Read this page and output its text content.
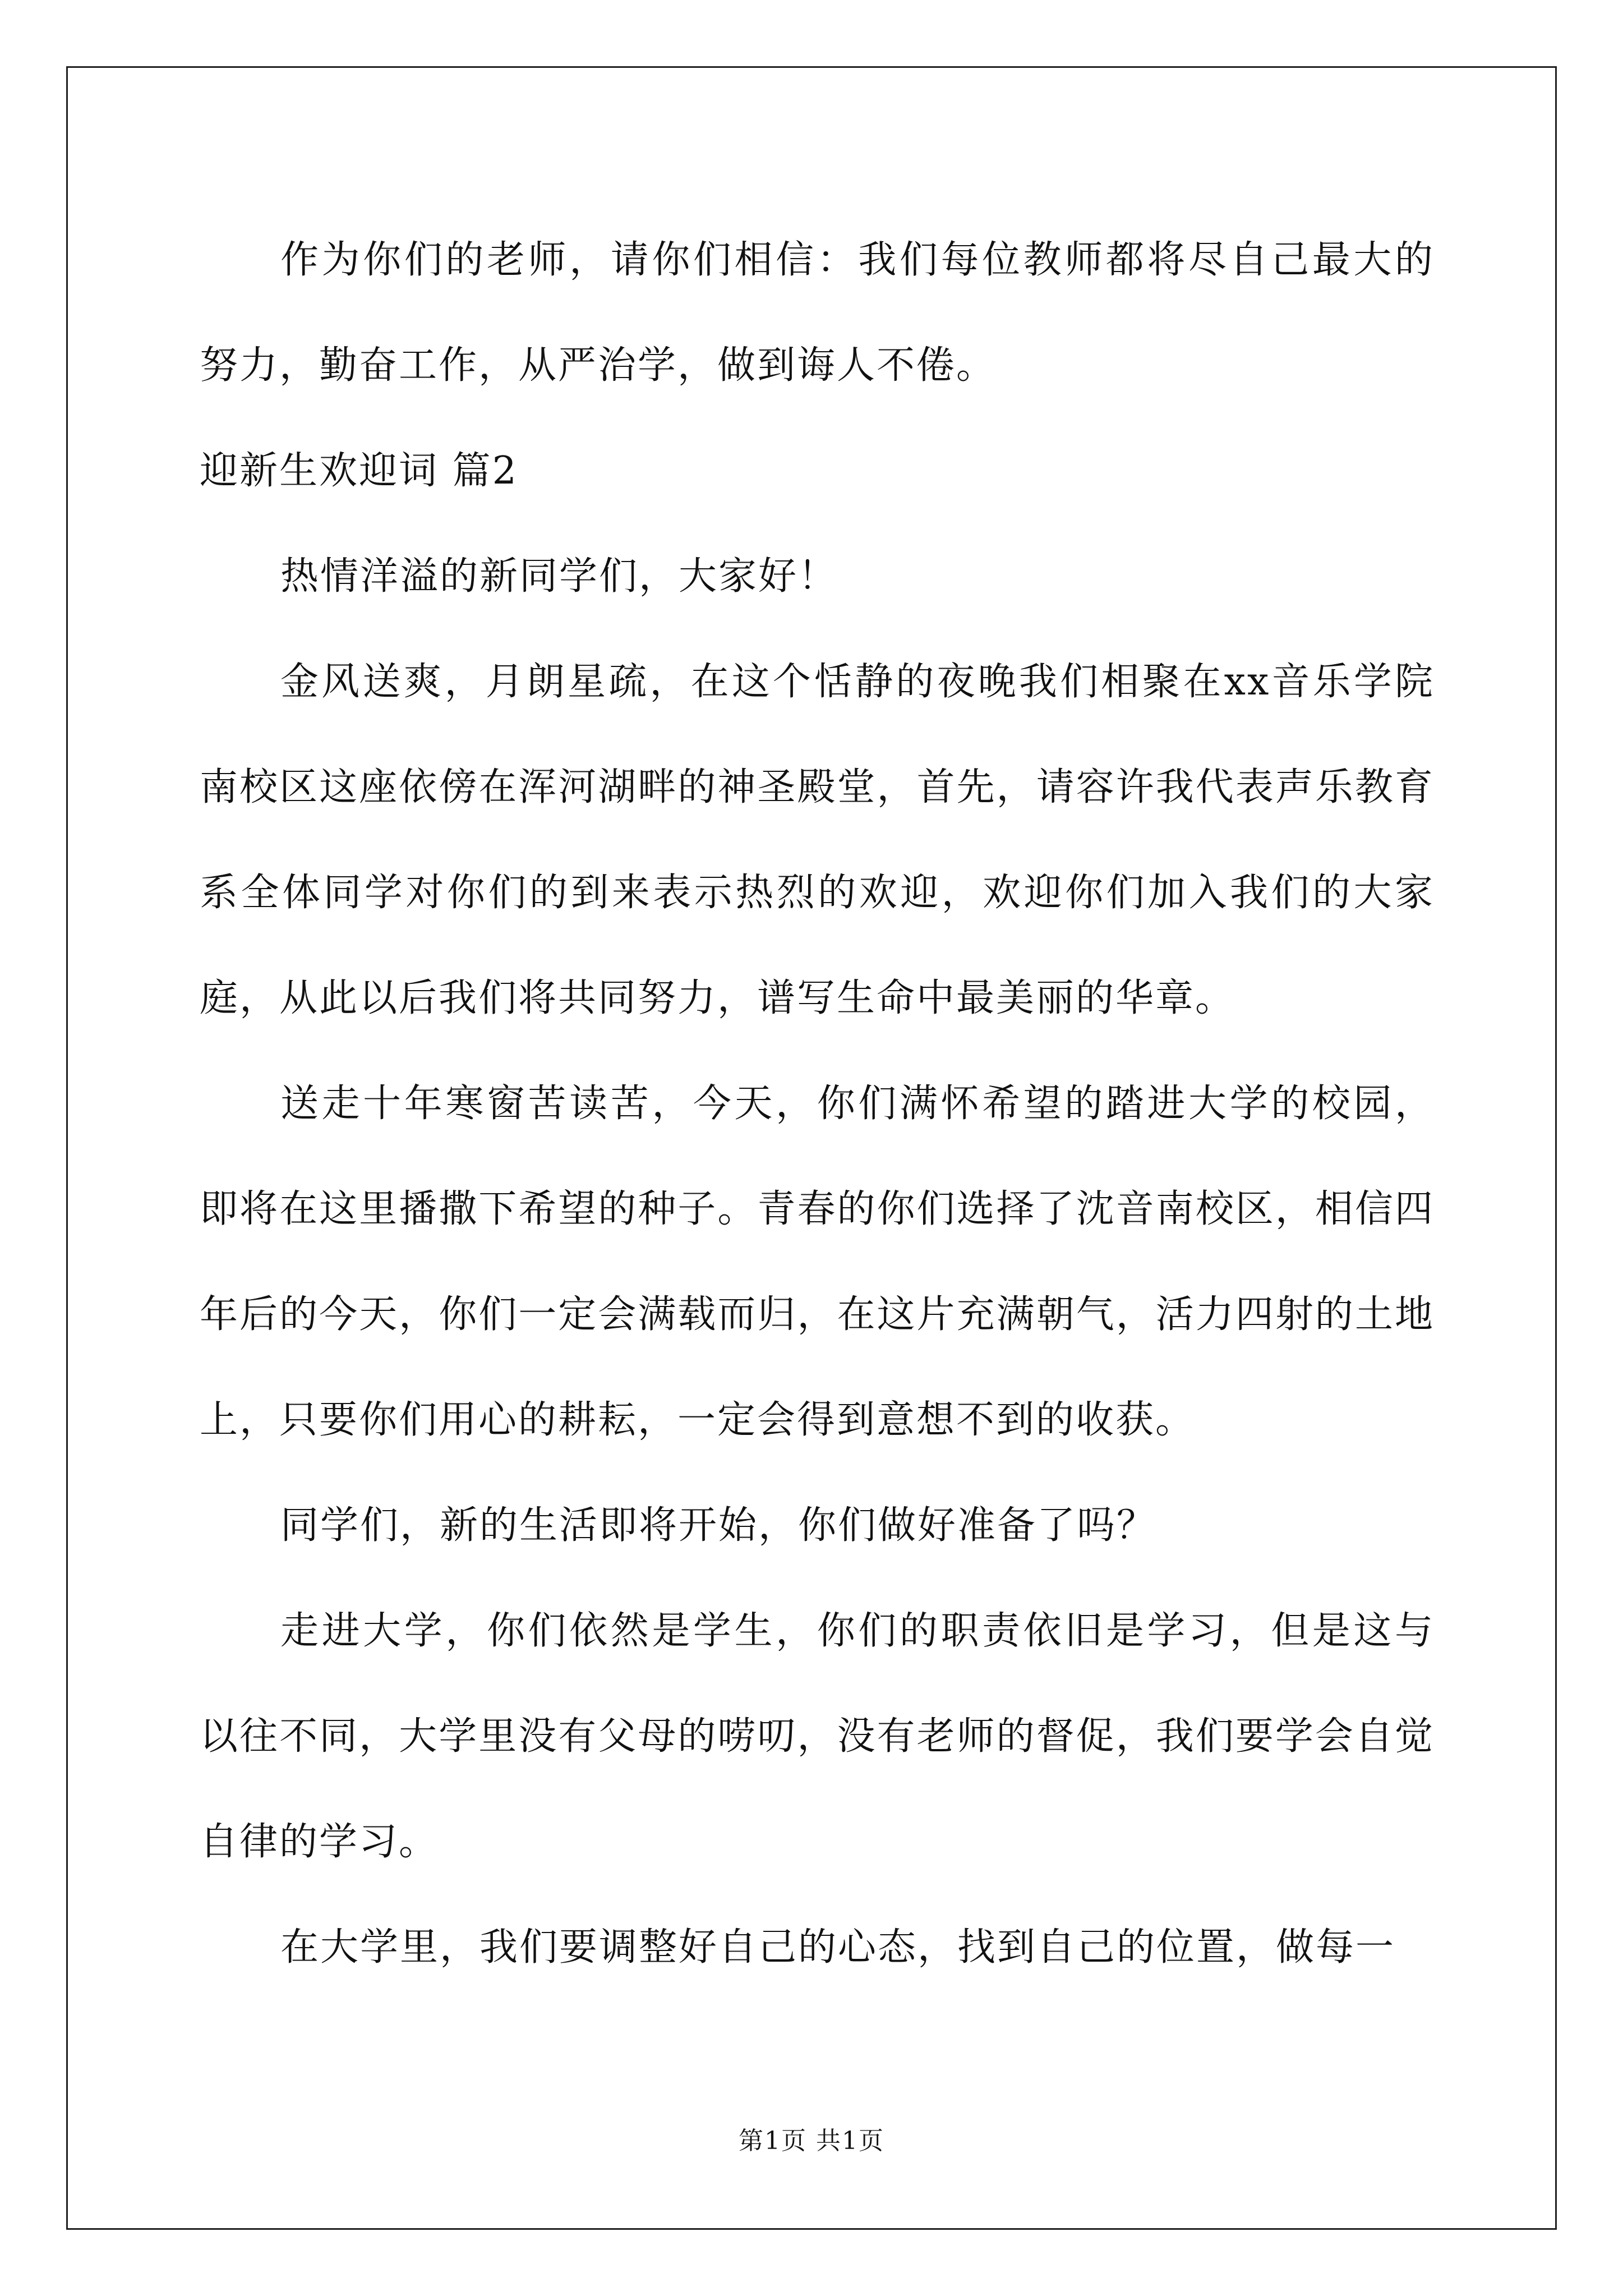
作为你们的老师，请你们相信：我们每位教师都将尽自己最大的努力，勤奋工作，从严治学，做到诲人不倦。

迎新生欢迎词 篇2

热情洋溢的新同学们，大家好！

金风送爽，月朗星疏，在这个恬静的夜晚我们相聚在xx音乐学院南校区这座依傍在浑河湖畔的神圣殿堂，首先，请容许我代表声乐教育系全体同学对你们的到来表示热烈的欢迎，欢迎你们加入我们的大家庭，从此以后我们将共同努力，谱写生命中最美丽的华章。

送走十年寒窗苦读苦，今天，你们满怀希望的踏进大学的校园，即将在这里播撒下希望的种子。青春的你们选择了沈音南校区，相信四年后的今天，你们一定会满载而归，在这片充满朝气，活力四射的土地上，只要你们用心的耕耘，一定会得到意想不到的收获。

同学们，新的生活即将开始，你们做好准备了吗？

走进大学，你们依然是学生，你们的职责依旧是学习，但是这与以往不同，大学里没有父母的唠叨，没有老师的督促，我们要学会自觉自律的学习。

在大学里，我们要调整好自己的心态，找到自己的位置，做每一

第1页 共1页
